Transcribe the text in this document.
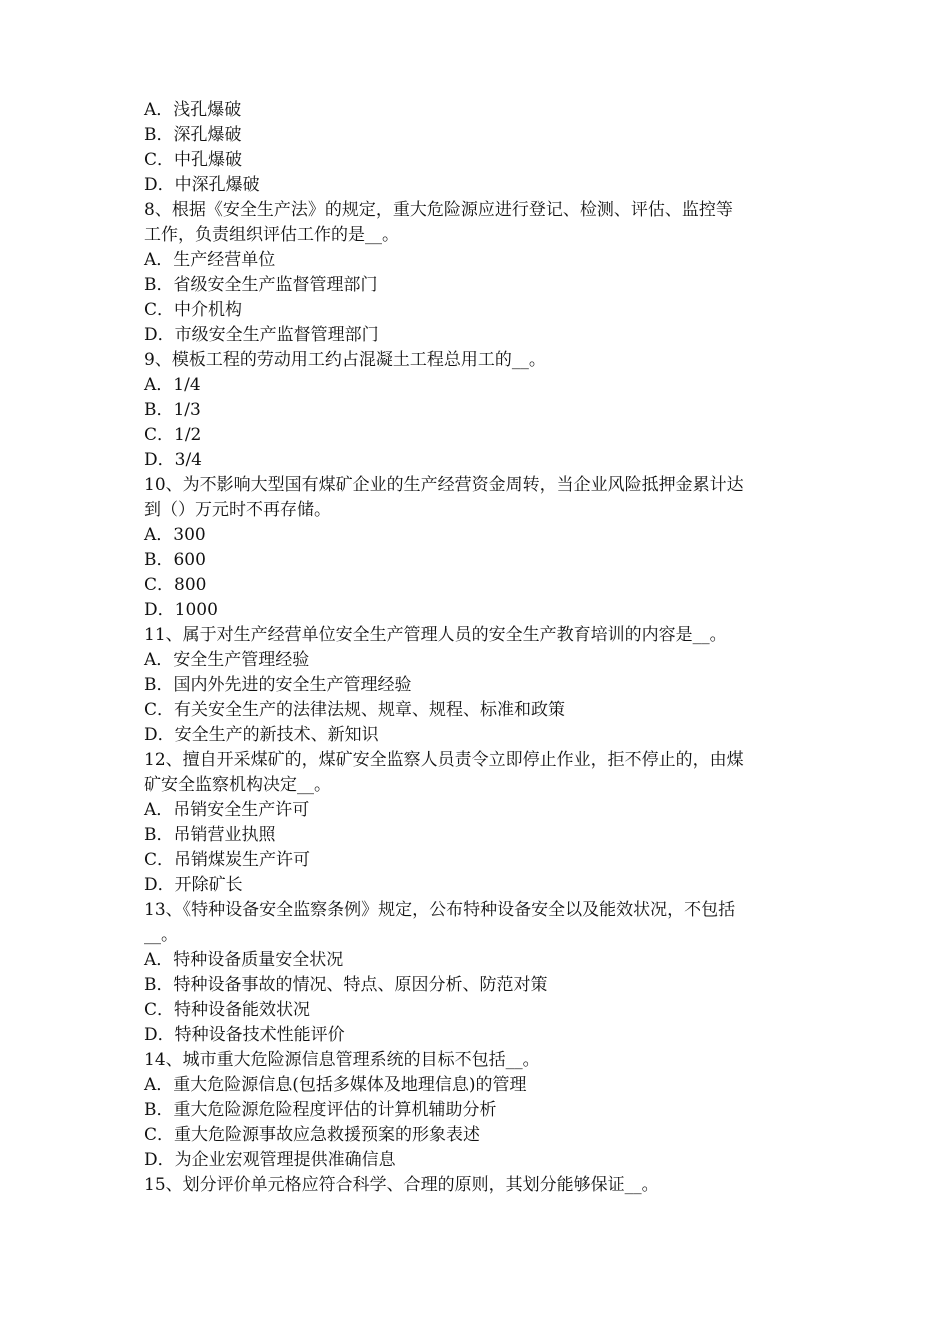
A．浅孔爆破

B．深孔爆破

C．中孔爆破

D．中深孔爆破

8、根据《安全生产法》的规定，重大危险源应进行登记、检测、评估、监控等

工作，负责组织评估工作的是__。

A．生产经营单位

B．省级安全生产监督管理部门

C．中介机构

D．市级安全生产监督管理部门

9、模板工程的劳动用工约占混凝土工程总用工的__。

A．1/4

B．1/3

C．1/2

D．3/4

10、为不影响大型国有煤矿企业的生产经营资金周转，当企业风险抵押金累计达

到（）万元时不再存储。

A．300

B．600

C．800

D．1000

11、属于对生产经营单位安全生产管理人员的安全生产教育培训的内容是__。

A．安全生产管理经验

B．国内外先进的安全生产管理经验

C．有关安全生产的法律法规、规章、规程、标准和政策

D．安全生产的新技术、新知识

12、擅自开采煤矿的，煤矿安全监察人员责令立即停止作业，拒不停止的，由煤

矿安全监察机构决定__。

A．吊销安全生产许可

B．吊销营业执照

C．吊销煤炭生产许可

D．开除矿长

13、《特种设备安全监察条例》规定，公布特种设备安全以及能效状况，不包括

__。

A．特种设备质量安全状况

B．特种设备事故的情况、特点、原因分析、防范对策

C．特种设备能效状况

D．特种设备技术性能评价

14、城市重大危险源信息管理系统的目标不包括__。

A．重大危险源信息(包括多媒体及地理信息)的管理

B．重大危险源危险程度评估的计算机辅助分析

C．重大危险源事故应急救援预案的形象表述

D．为企业宏观管理提供准确信息

15、划分评价单元格应符合科学、合理的原则，其划分能够保证__。
